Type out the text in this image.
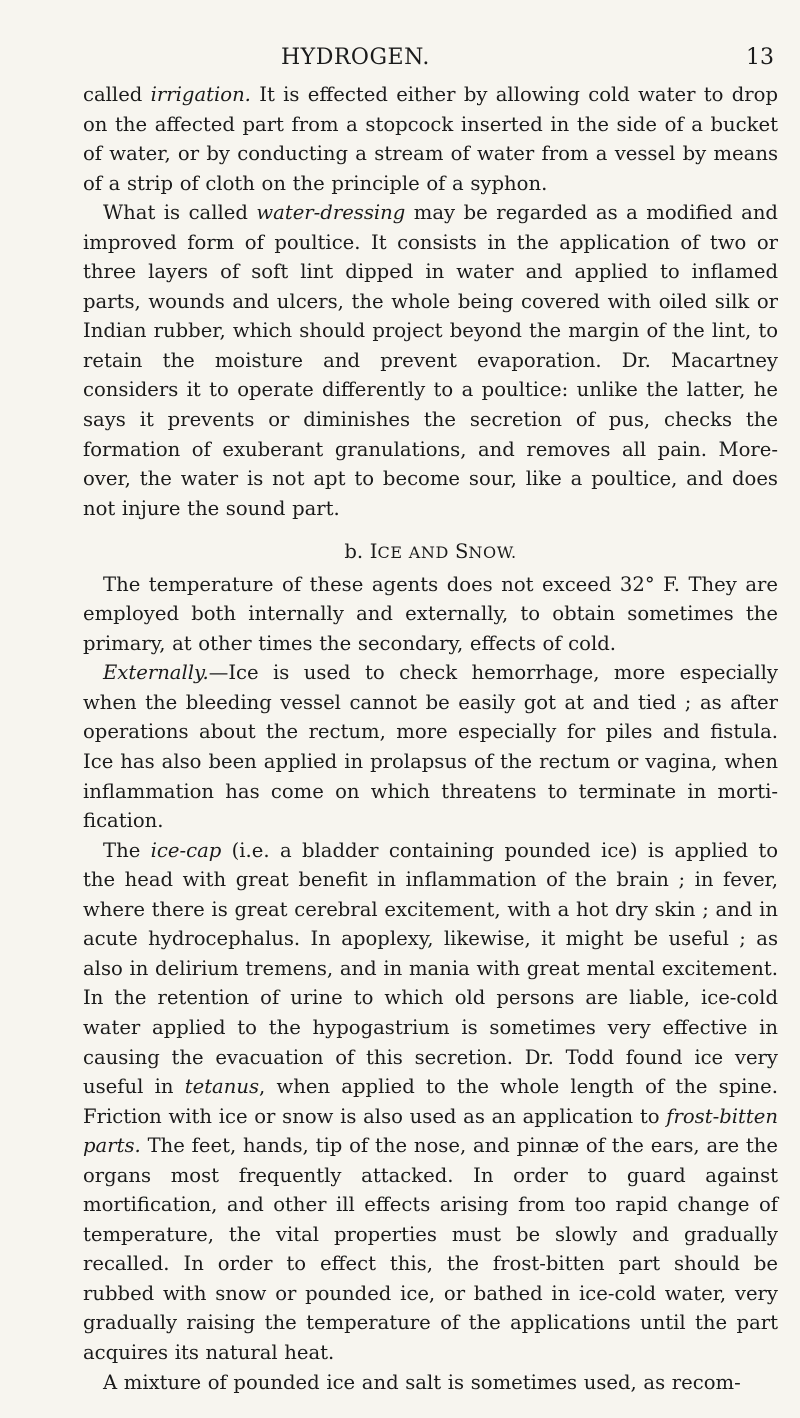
HYDROGEN.	13

called irrigation. It is effected either by allowing cold water to drop on the affected part from a stopcock inserted in the side of a bucket of water, or by conducting a stream of water from a vessel by means of a strip of cloth on the principle of a syphon.

What is called water-dressing may be regarded as a modified and improved form of poultice. It consists in the application of two or three layers of soft lint dipped in water and applied to inflamed parts, wounds and ulcers, the whole being covered with oiled silk or Indian rubber, which should project beyond the margin of the lint, to retain the moisture and prevent evaporation. Dr. Macartney considers it to operate differently to a poultice: unlike the latter, he says it prevents or diminishes the secretion of pus, checks the formation of exuberant granulations, and removes all pain. More-over, the water is not apt to become sour, like a poultice, and does not injure the sound part.

b. ICE AND SNOW.

The temperature of these agents does not exceed 32° F. They are employed both internally and externally, to obtain sometimes the primary, at other times the secondary, effects of cold.

Externally.—Ice is used to check hemorrhage, more especially when the bleeding vessel cannot be easily got at and tied ; as after operations about the rectum, more especially for piles and fistula. Ice has also been applied in prolapsus of the rectum or vagina, when inflammation has come on which threatens to terminate in morti-fication.

The ice-cap (i.e. a bladder containing pounded ice) is applied to the head with great benefit in inflammation of the brain ; in fever, where there is great cerebral excitement, with a hot dry skin ; and in acute hydrocephalus. In apoplexy, likewise, it might be useful ; as also in delirium tremens, and in mania with great mental excitement. In the retention of urine to which old persons are liable, ice-cold water applied to the hypogastrium is sometimes very effective in causing the evacuation of this secretion. Dr. Todd found ice very useful in tetanus, when applied to the whole length of the spine. Friction with ice or snow is also used as an application to frost-bitten parts. The feet, hands, tip of the nose, and pinnæ of the ears, are the organs most frequently attacked. In order to guard against mortification, and other ill effects arising from too rapid change of temperature, the vital properties must be slowly and gradually recalled. In order to effect this, the frost-bitten part should be rubbed with snow or pounded ice, or bathed in ice-cold water, very gradually raising the temperature of the applications until the part acquires its natural heat.

A mixture of pounded ice and salt is sometimes used, as recom-
